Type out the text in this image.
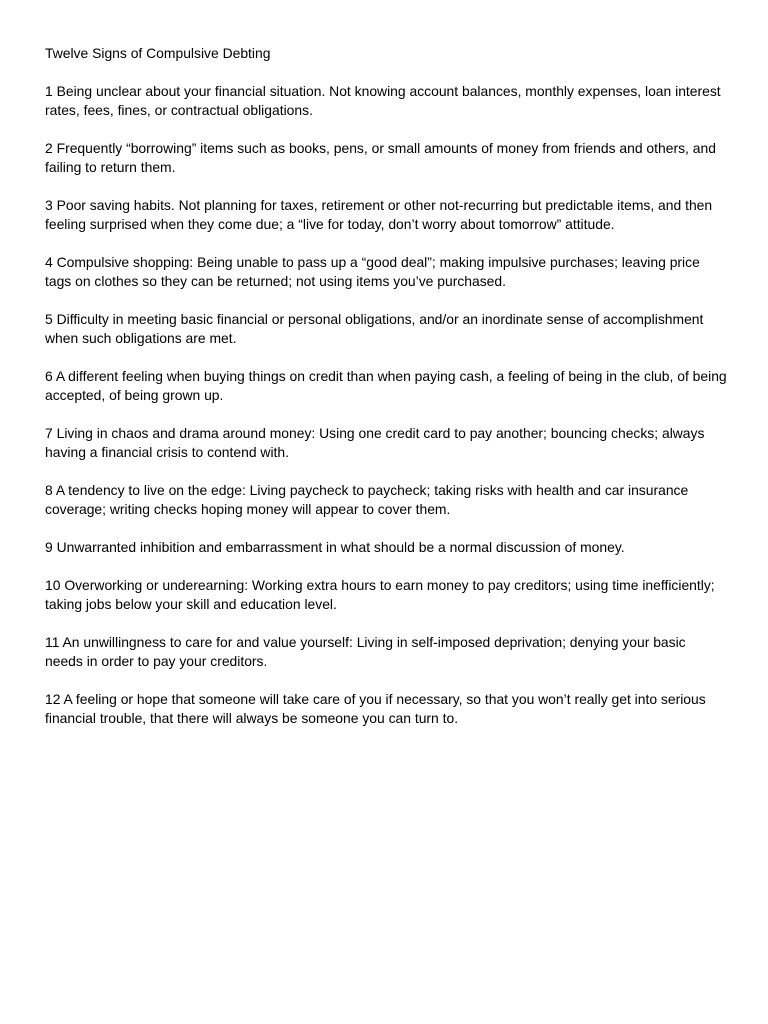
Twelve Signs of Compulsive Debting

1 Being unclear about your financial situation. Not knowing account balances, monthly expenses, loan interest rates, fees, fines, or contractual obligations.

2 Frequently “borrowing” items such as books, pens, or small amounts of money from friends and others, and failing to return them.

3 Poor saving habits. Not planning for taxes, retirement or other not-recurring but predictable items, and then feeling surprised when they come due; a “live for today, don’t worry about tomorrow” attitude.

4 Compulsive shopping: Being unable to pass up a “good deal”; making impulsive purchases; leaving price tags on clothes so they can be returned; not using items you’ve purchased.

5 Difficulty in meeting basic financial or personal obligations, and/or an inordinate sense of accomplishment when such obligations are met.

6 A different feeling when buying things on credit than when paying cash, a feeling of being in the club, of being accepted, of being grown up.

7 Living in chaos and drama around money: Using one credit card to pay another; bouncing checks; always having a financial crisis to contend with.

8 A tendency to live on the edge: Living paycheck to paycheck; taking risks with health and car insurance coverage; writing checks hoping money will appear to cover them.

9 Unwarranted inhibition and embarrassment in what should be a normal discussion of money.

10 Overworking or underearning: Working extra hours to earn money to pay creditors; using time inefficiently; taking jobs below your skill and education level.

11 An unwillingness to care for and value yourself: Living in self-imposed deprivation; denying your basic needs in order to pay your creditors.

12 A feeling or hope that someone will take care of you if necessary, so that you won’t really get into serious financial trouble, that there will always be someone you can turn to.
